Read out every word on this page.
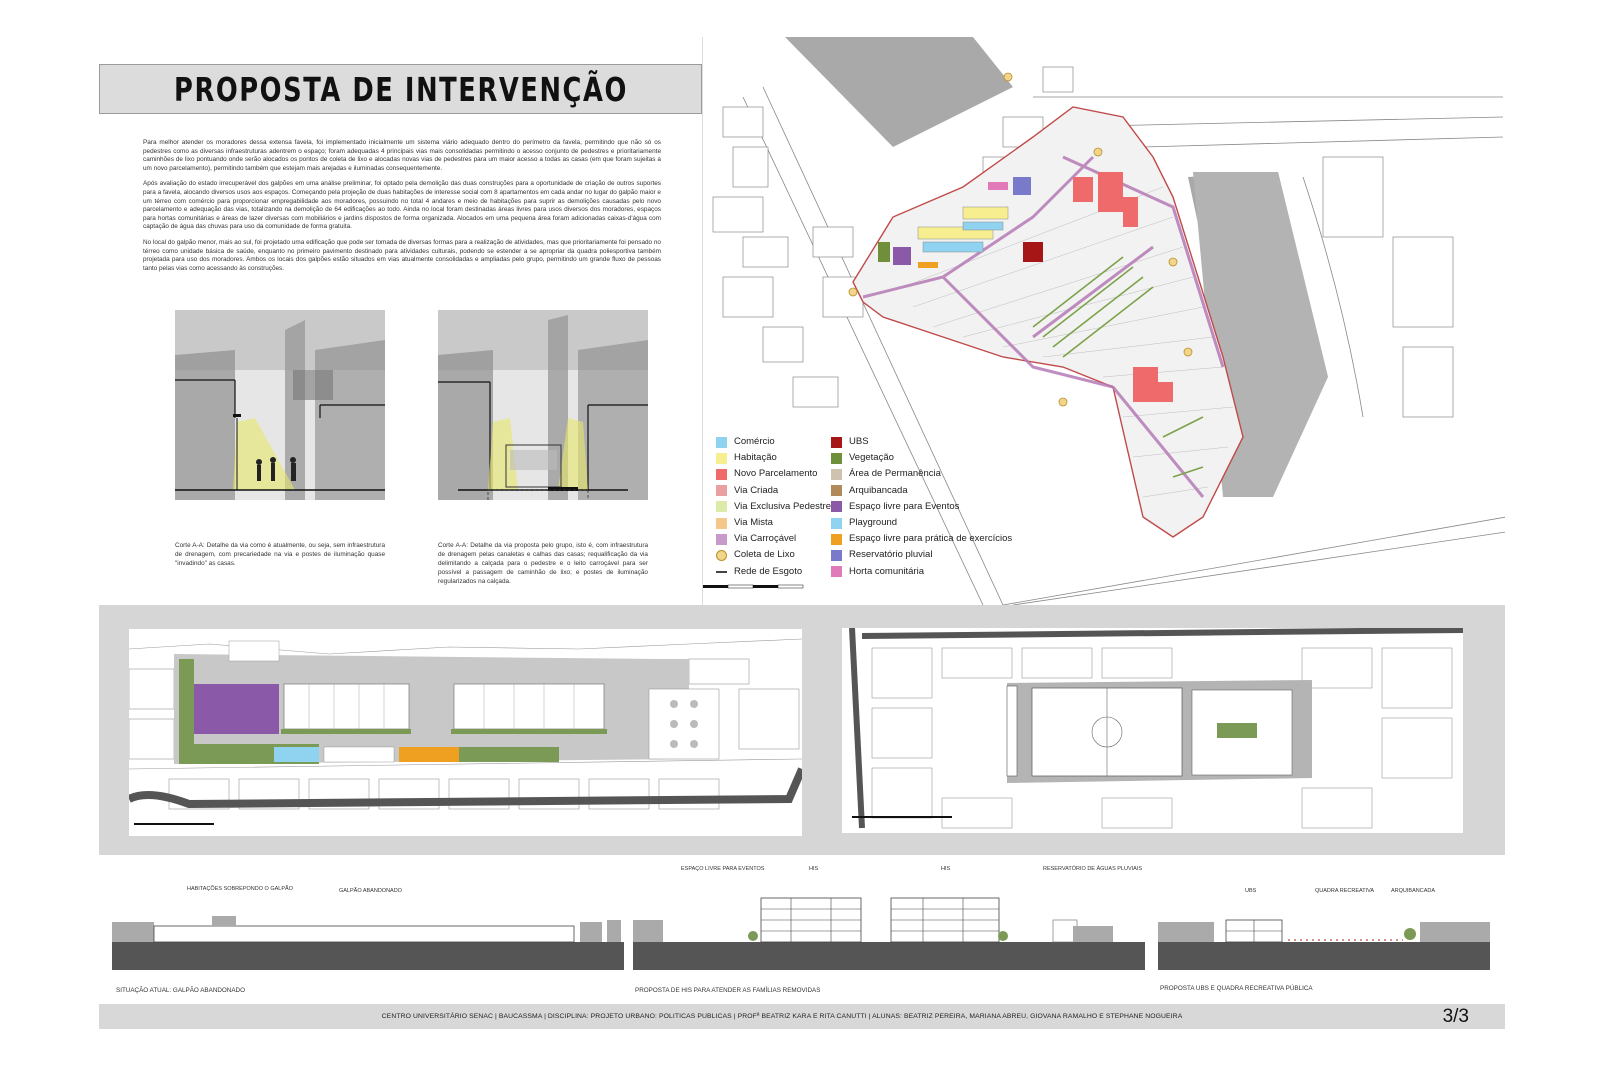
PROPOSTA DE INTERVENÇÃO

Para melhor atender os moradores dessa extensa favela, foi implementado inicialmente um sistema viário adequado dentro do perímetro da favela, permitindo que não só os pedestres como as diversas infraestruturas adentrem o espaço; foram adequadas 4 principais vias mais consolidadas permitindo o acesso conjunto de pedestres e prioritariamente caminhões de lixo pontuando onde serão alocados os pontos de coleta de lixo e alocadas novas vias de pedestres para um maior acesso a todas as casas (em que foram sujeitas a um novo parcelamento), permitindo também que estejam mais arejadas e iluminadas consequentemente.

Após avaliação do estado irrecuperável dos galpões em uma análise preliminar, foi optado pela demolição das duas construções para a oportunidade de criação de outros suportes para a favela, alocando diversos usos aos espaços. Começando pela projeção de duas habitações de interesse social com 8 apartamentos em cada andar no lugar do galpão maior e um térreo com comércio para proporcionar empregabilidade aos moradores, possuindo no total 4 andares e meio de habitações para suprir as demolições causadas pelo novo parcelamento e adequação das vias, totalizando na demolição de 64 edificações ao todo. Ainda no local foram destinadas áreas livres para usos diversos dos moradores, espaços para hortas comunitárias e áreas de lazer diversas com mobiliários e jardins dispostos de forma organizada. Alocados em uma pequena área foram adicionadas caixas-d'água com captação de água das chuvas para uso da comunidade de forma gratuita.

No local do galpão menor, mais ao sul, foi projetado uma edificação que pode ser tomada de diversas formas para a realização de atividades, mas que prioritariamente foi pensado no térreo como unidade básica de saúde, enquanto no primeiro pavimento destinado para atividades culturais, podendo se estender a se apropriar da quadra poliesportiva também projetada para uso dos moradores. Ambos os locais dos galpões estão situados em vias atualmente consolidadas e ampliadas pelo grupo, permitindo um grande fluxo de pessoas tanto pelas vias como acessando às construções.

Corte A-A: Detalhe da via como é atualmente, ou seja, sem infraestrutura de drenagem, com precariedade na via e postes de iluminação quase "invadindo" as casas.
Corte A-A: Detalhe da via proposta pelo grupo, isto é, com infraestrutura de drenagem pelas canaletas e calhas das casas; requalificação da via delimitando a calçada para o pedestre e o leito carroçável para ser possível a passagem de caminhão de lixo; e postes de iluminação regularizados na calçada.
Comércio
Habitação
Novo Parcelamento
Via Criada
Via Exclusiva Pedestre
Via Mista
Via Carroçável
Coleta de Lixo
Rede de Esgoto
UBS
Vegetação
Área de Permanência
Arquibancada
Espaço livre para Eventos
Playground
Espaço livre para prática de exercícios
Reservatório pluvial
Horta comunitária
HABITAÇÕES SOBREPONDO O GALPÃO	GALPÃO ABANDONADO
ESPAÇO LIVRE PARA EVENTOS	HIS	HIS	RESERVATÓRIO DE ÁGUAS PLUVIAIS
UBS	QUADRA RECREATIVA	ARQUIBANCADA
SITUAÇÃO ATUAL: GALPÃO ABANDONADO	PROPOSTA DE HIS PARA ATENDER AS FAMÍLIAS REMOVIDAS	PROPOSTA UBS E QUADRA RECREATIVA PÚBLICA
CENTRO UNIVERSITÁRIO SENAC | BAUCASSMA | DISCIPLINA: PROJETO URBANO: POLITICAS PUBLICAS | PROFª BEATRIZ KARA E RITA CANUTTI | ALUNAS: BEATRIZ PEREIRA, MARIANA ABREU, GIOVANA RAMALHO E STEPHANE NOGUEIRA	3/3
